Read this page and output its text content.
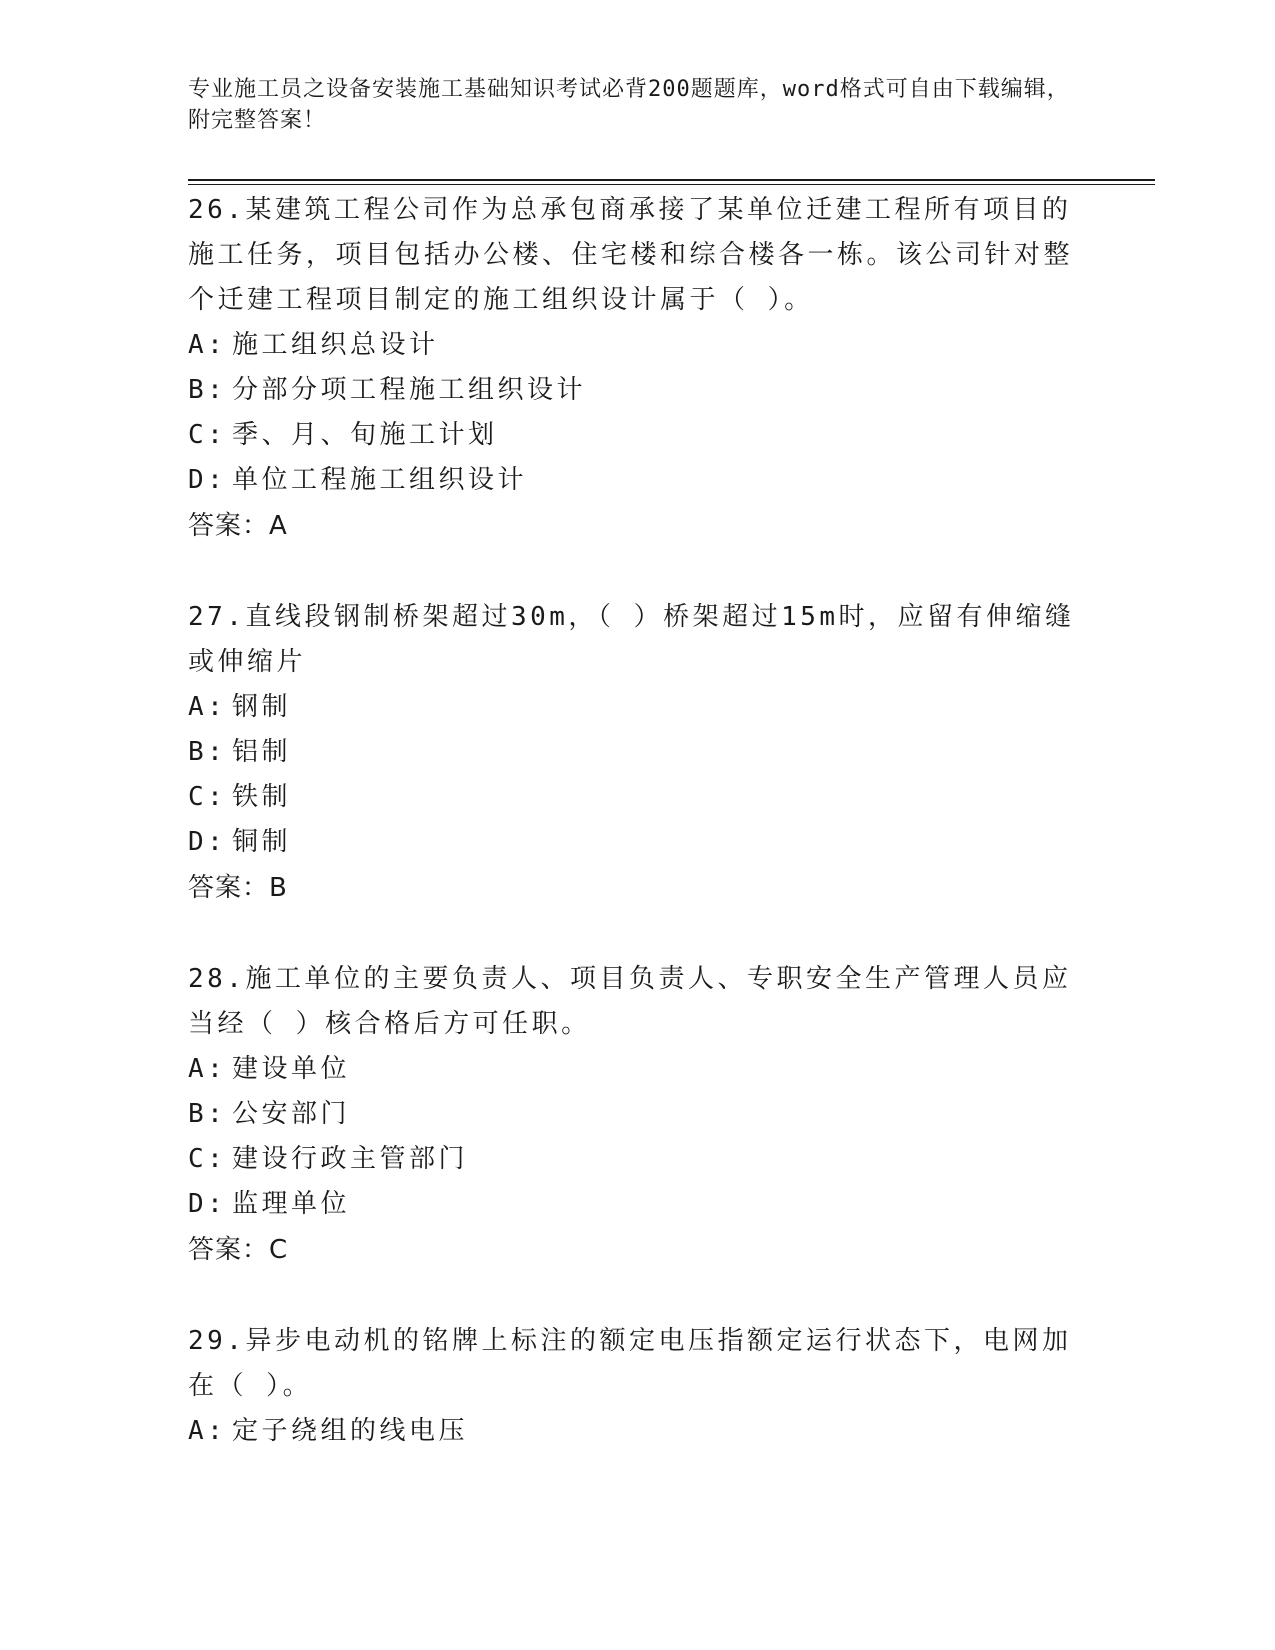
专业施工员之设备安装施工基础知识考试必背200题题库，word格式可自由下载编辑，附完整答案！

26.某建筑工程公司作为总承包商承接了某单位迁建工程所有项目的施工任务，项目包括办公楼、住宅楼和综合楼各一栋。该公司针对整个迁建工程项目制定的施工组织设计属于（ ）。

A: 施工组织总设计

B: 分部分项工程施工组织设计

C: 季、月、旬施工计划

D: 单位工程施工组织设计

答案：A

27.直线段钢制桥架超过30m，（ ）桥架超过15m时，应留有伸缩缝或伸缩片

A: 钢制

B: 铝制

C: 铁制

D: 铜制

答案：B

28.施工单位的主要负责人、项目负责人、专职安全生产管理人员应当经（ ）核合格后方可任职。

A: 建设单位

B: 公安部门

C: 建设行政主管部门

D: 监理单位

答案：C

29.异步电动机的铭牌上标注的额定电压指额定运行状态下，电网加在（ ）。

A: 定子绕组的线电压
